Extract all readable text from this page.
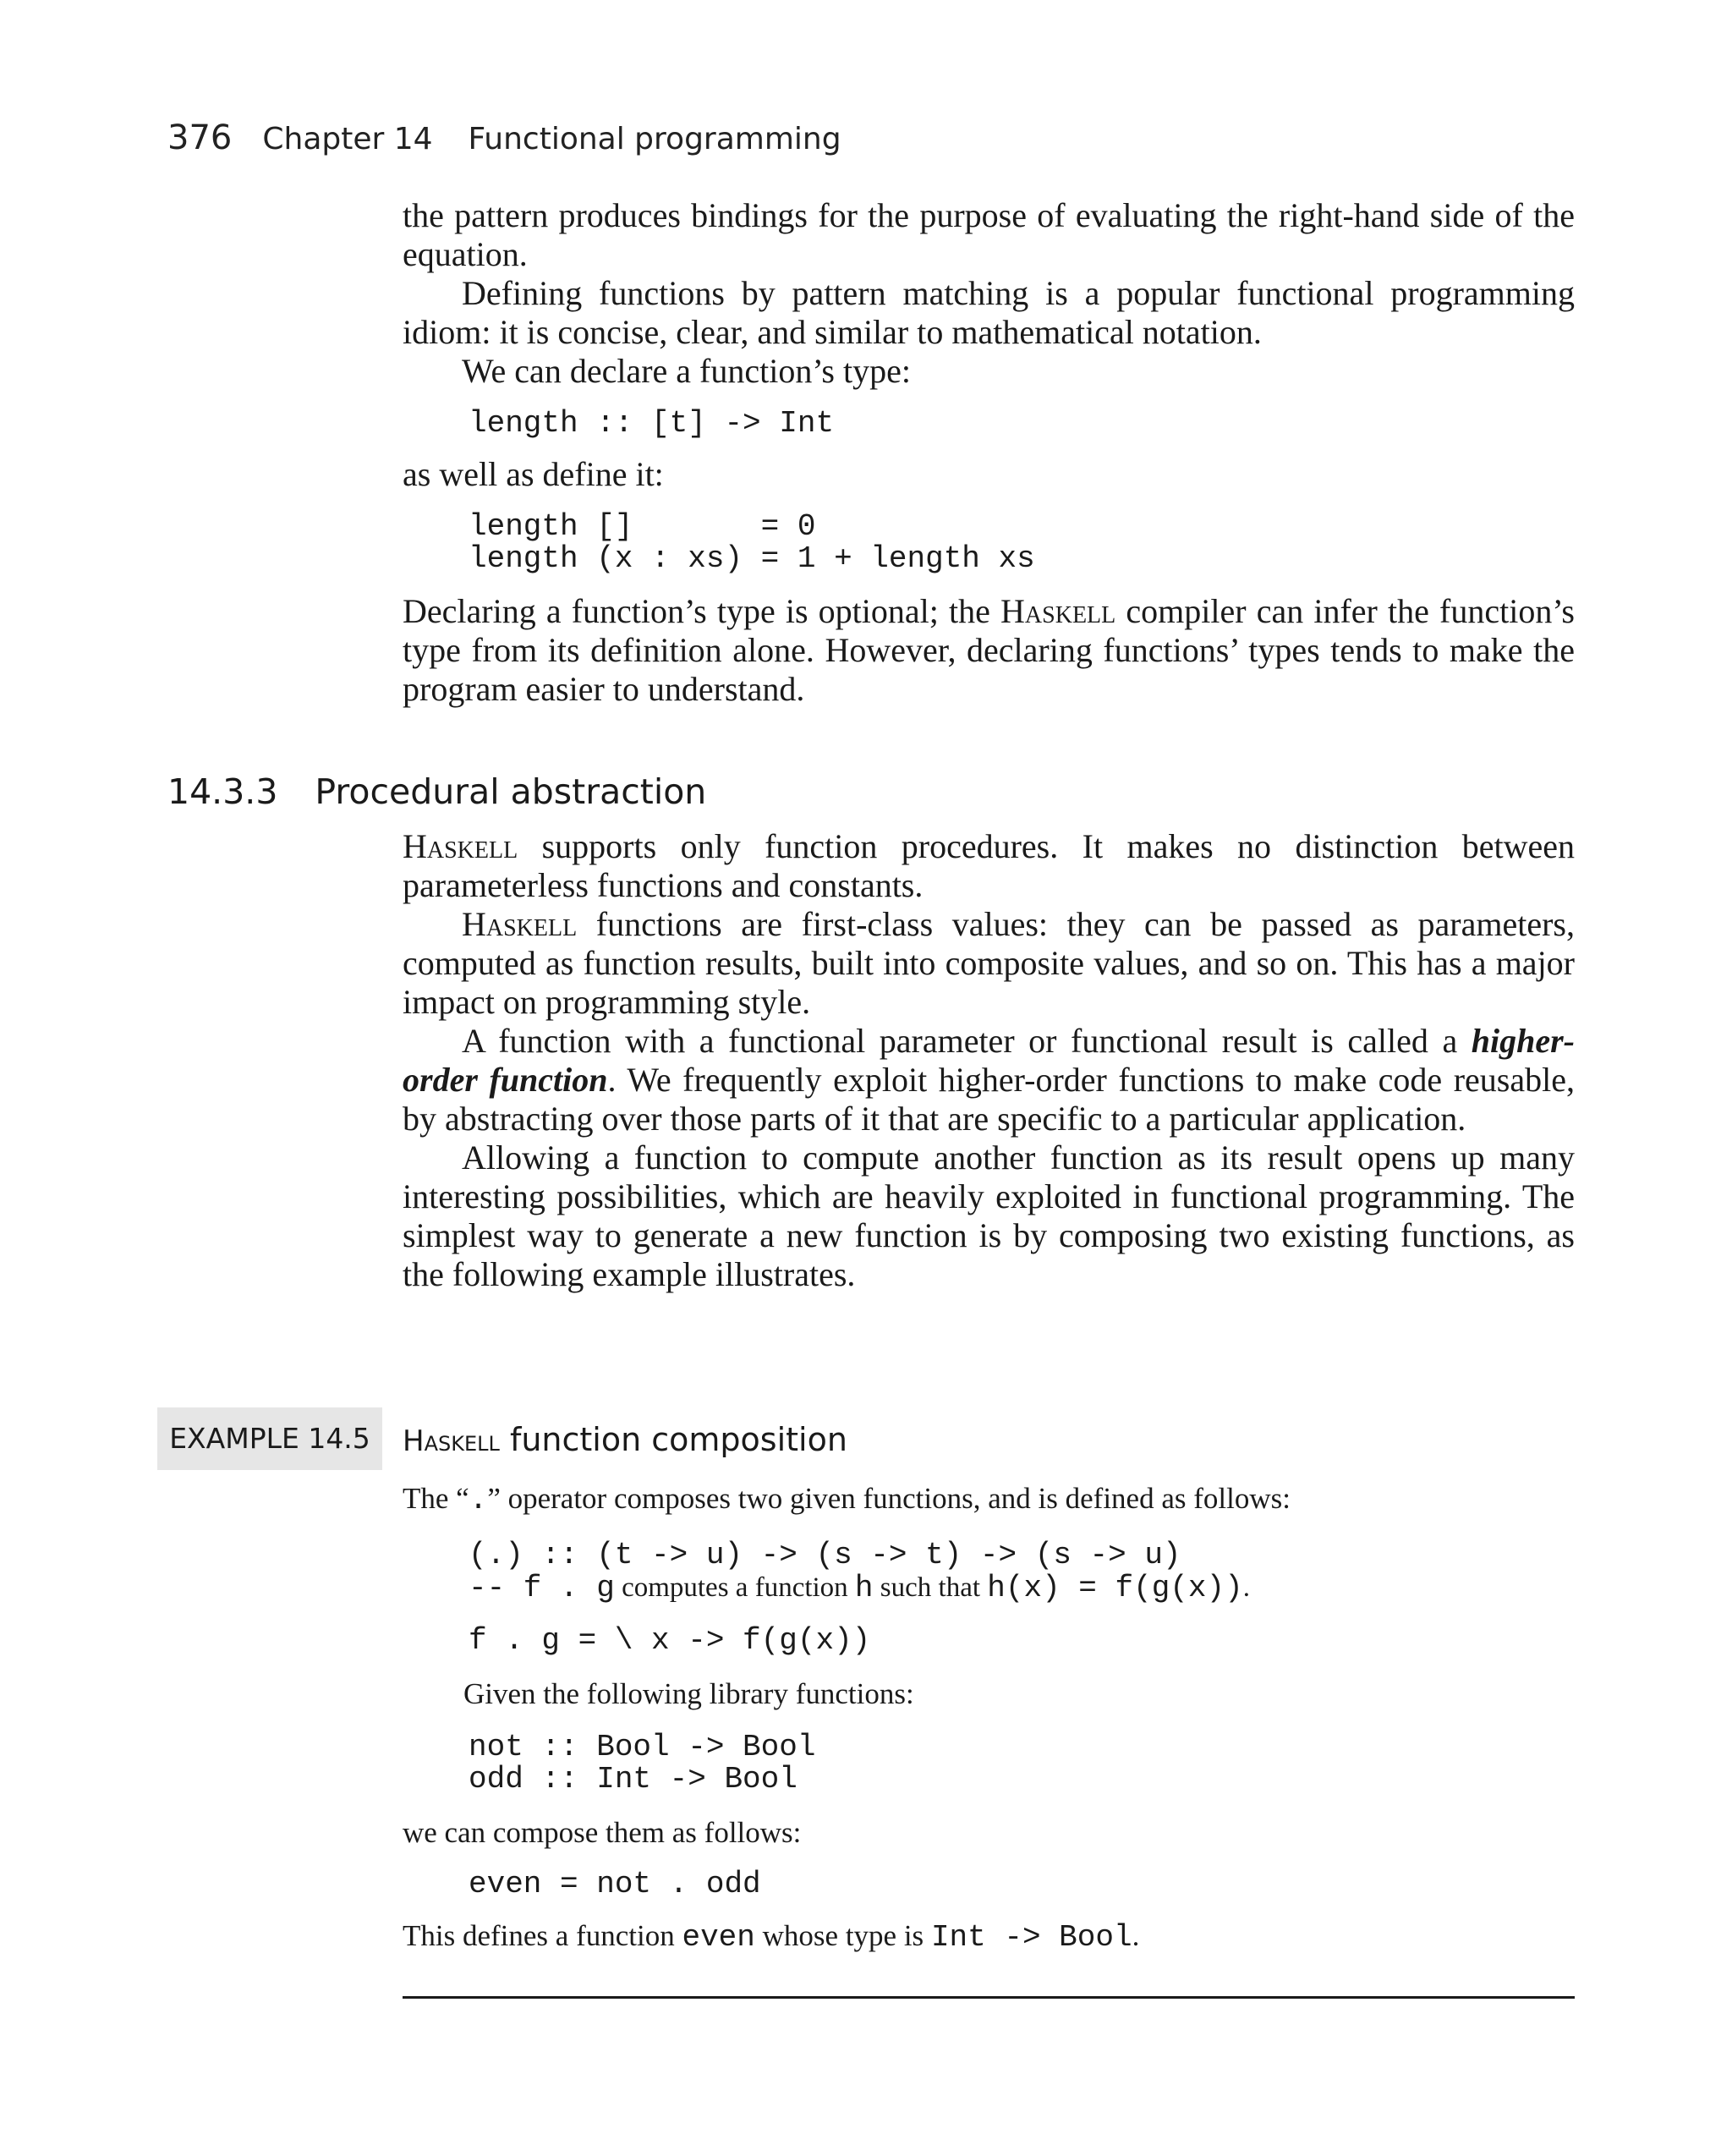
376 Chapter 14 Functional programming

the pattern produces bindings for the purpose of evaluating the right-hand side of the equation.

Defining functions by pattern matching is a popular functional programming idiom: it is concise, clear, and similar to mathematical notation.

We can declare a function’s type:

length :: [t] -> Int

as well as define it:

length []       = 0
length (x : xs) = 1 + length xs

Declaring a function’s type is optional; the Haskell compiler can infer the function’s type from its definition alone. However, declaring functions’ types tends to make the program easier to understand.

14.3.3 Procedural abstraction

Haskell supports only function procedures. It makes no distinction between parameterless functions and constants.

Haskell functions are first-class values: they can be passed as parameters, computed as function results, built into composite values, and so on. This has a major impact on programming style.

A function with a functional parameter or functional result is called a higher-order function. We frequently exploit higher-order functions to make code reusable, by abstracting over those parts of it that are specific to a particular application.

Allowing a function to compute another function as its result opens up many interesting possibilities, which are heavily exploited in functional programming. The simplest way to generate a new function is by composing two existing functions, as the following example illustrates.

EXAMPLE 14.5	Haskell function composition

The “.” operator composes two given functions, and is defined as follows:

(.) :: (t -> u) -> (s -> t) -> (s -> u)
-- f . g computes a function h such that h(x) = f(g(x)).
f . g = \ x -> f(g(x))

Given the following library functions:

not :: Bool -> Bool
odd :: Int -> Bool

we can compose them as follows:

even = not . odd

This defines a function even whose type is Int -> Bool.
